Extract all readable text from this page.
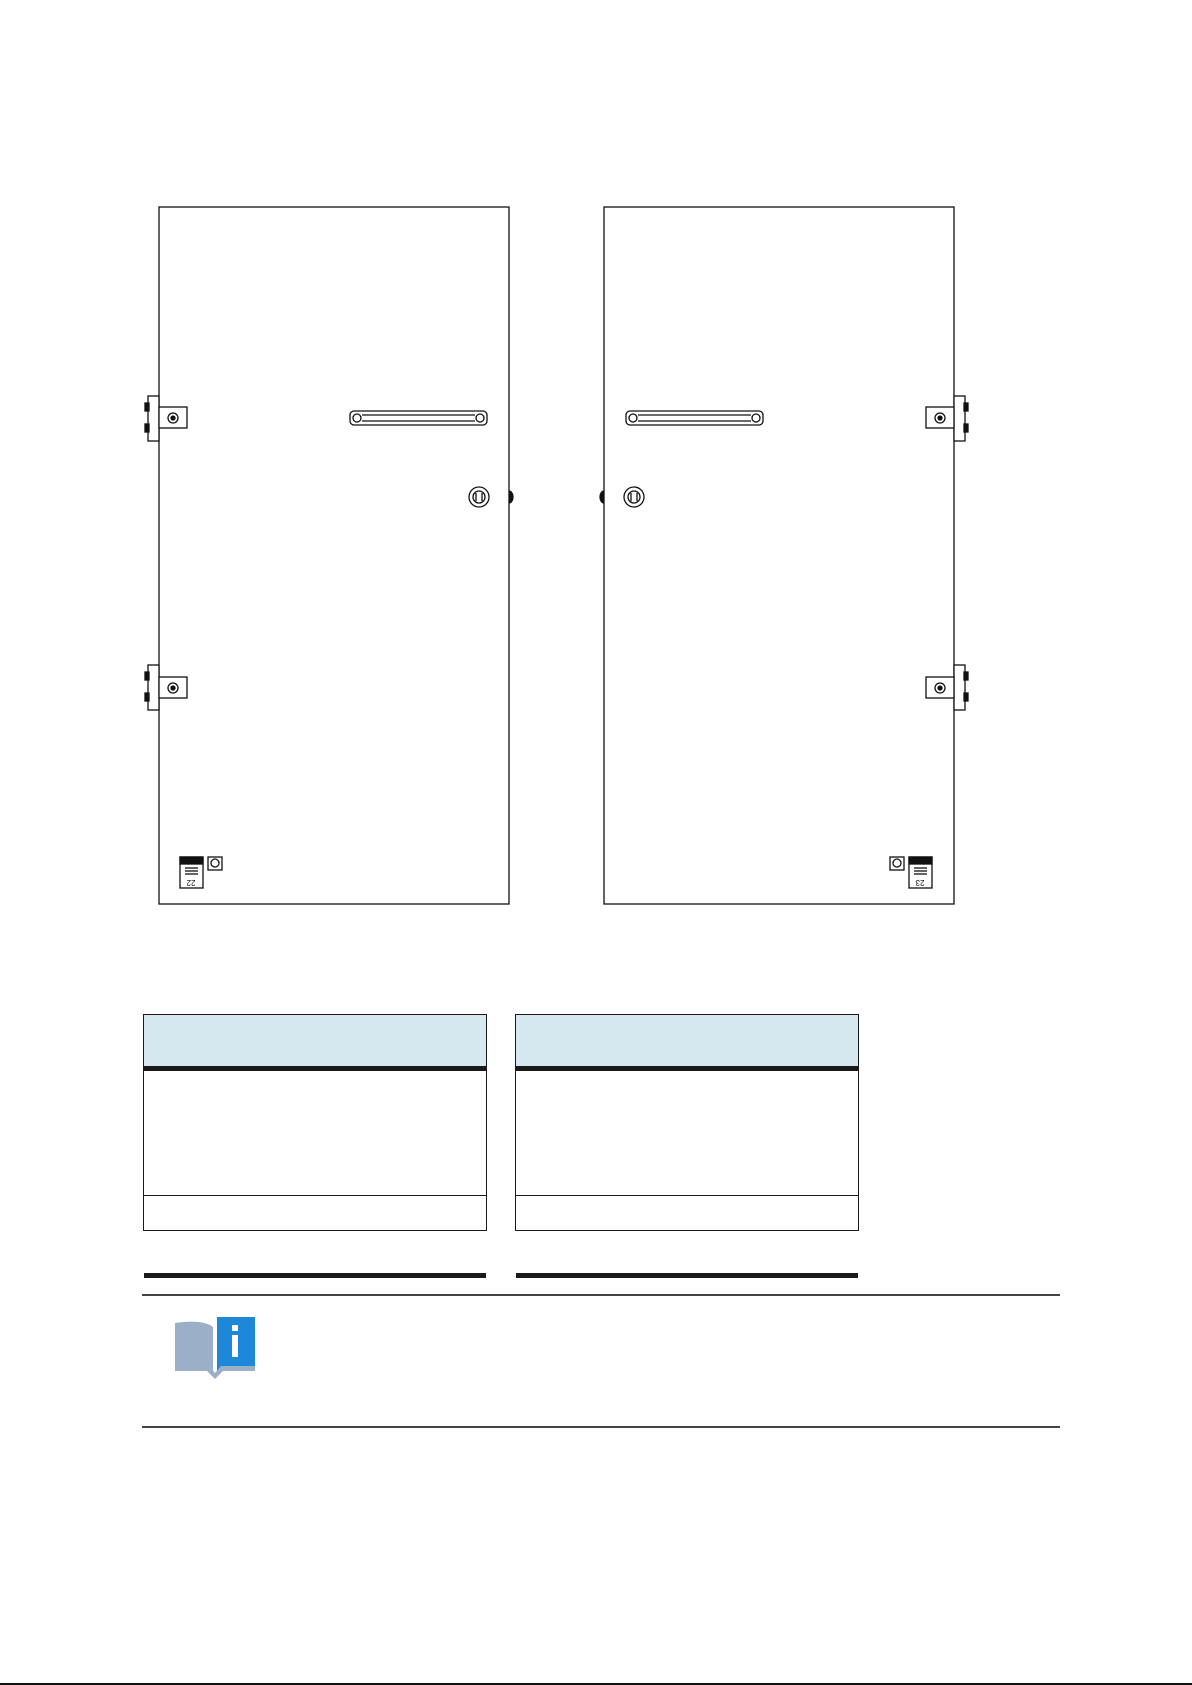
22	23
